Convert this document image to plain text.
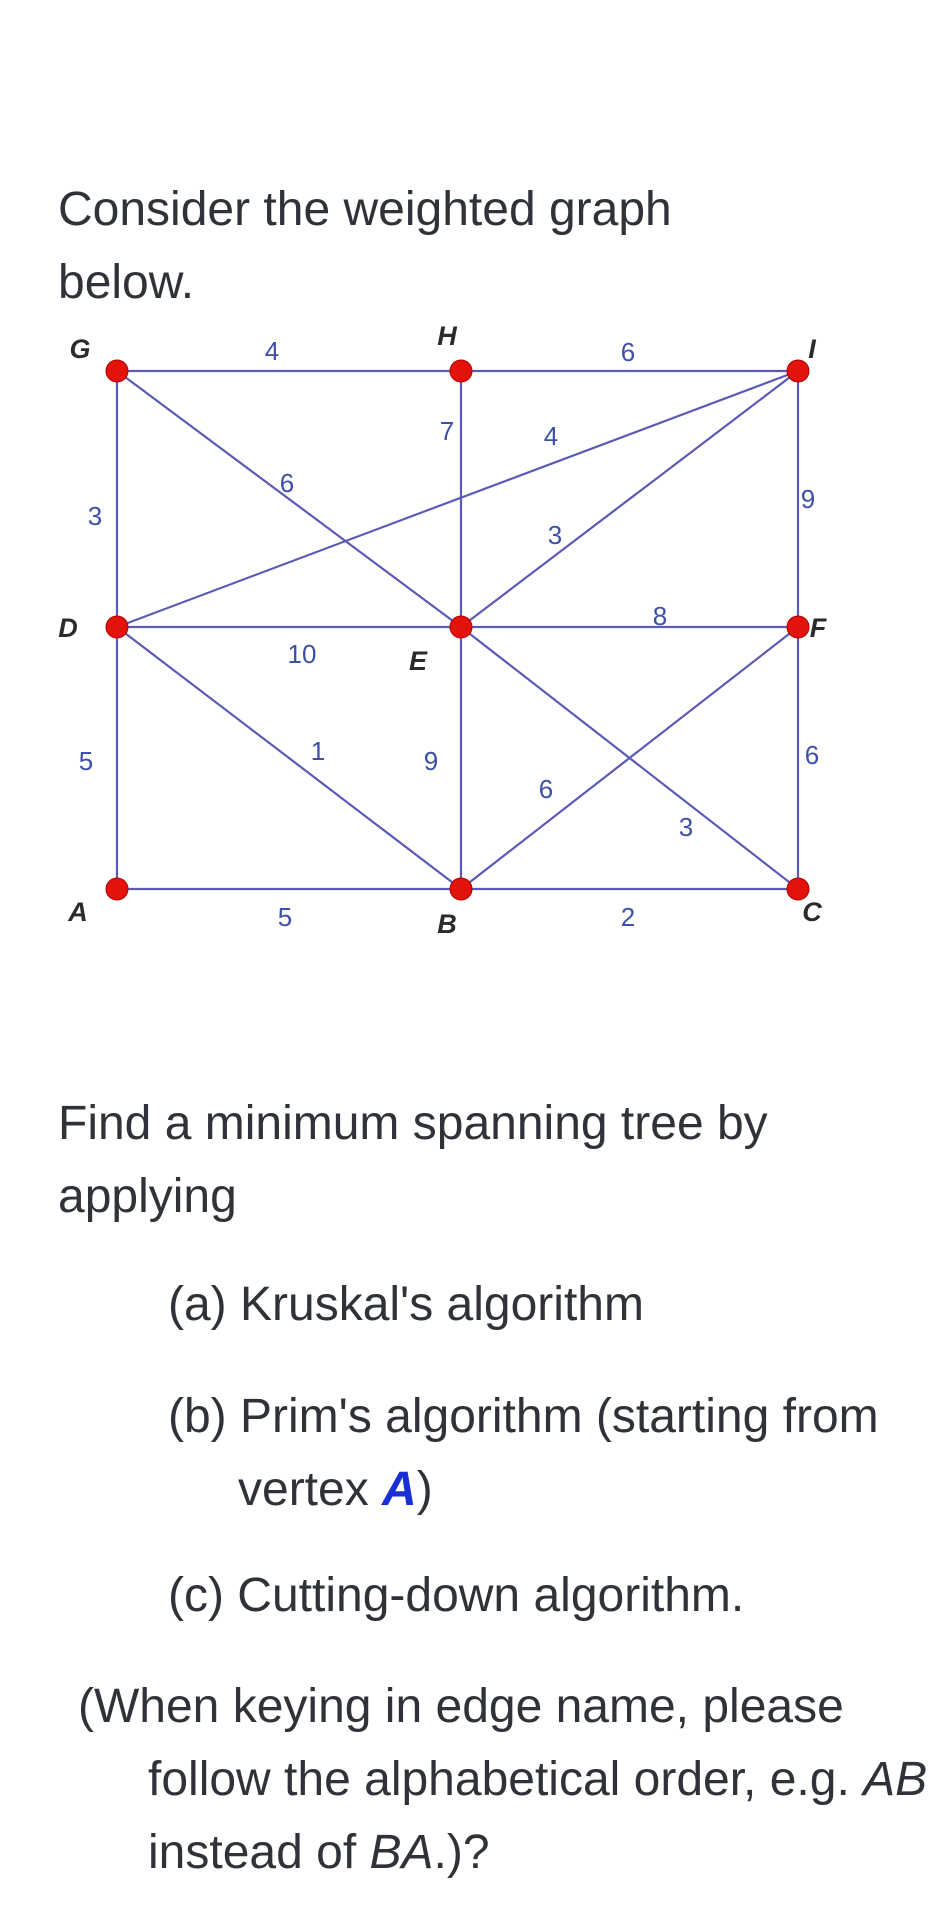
Consider the weighted graph below.

4	6
7	4
6
3
3
9
8
10
1
5	9
6
3
6
5	2
G	H	I
D
E
F
A	B	C

Find a minimum spanning tree by applying

(a) Kruskal's algorithm
(b) Prim's algorithm (starting from vertex A)
(c) Cutting-down algorithm.
(When keying in edge name, please follow the alphabetical order, e.g. AB instead of BA.)?
